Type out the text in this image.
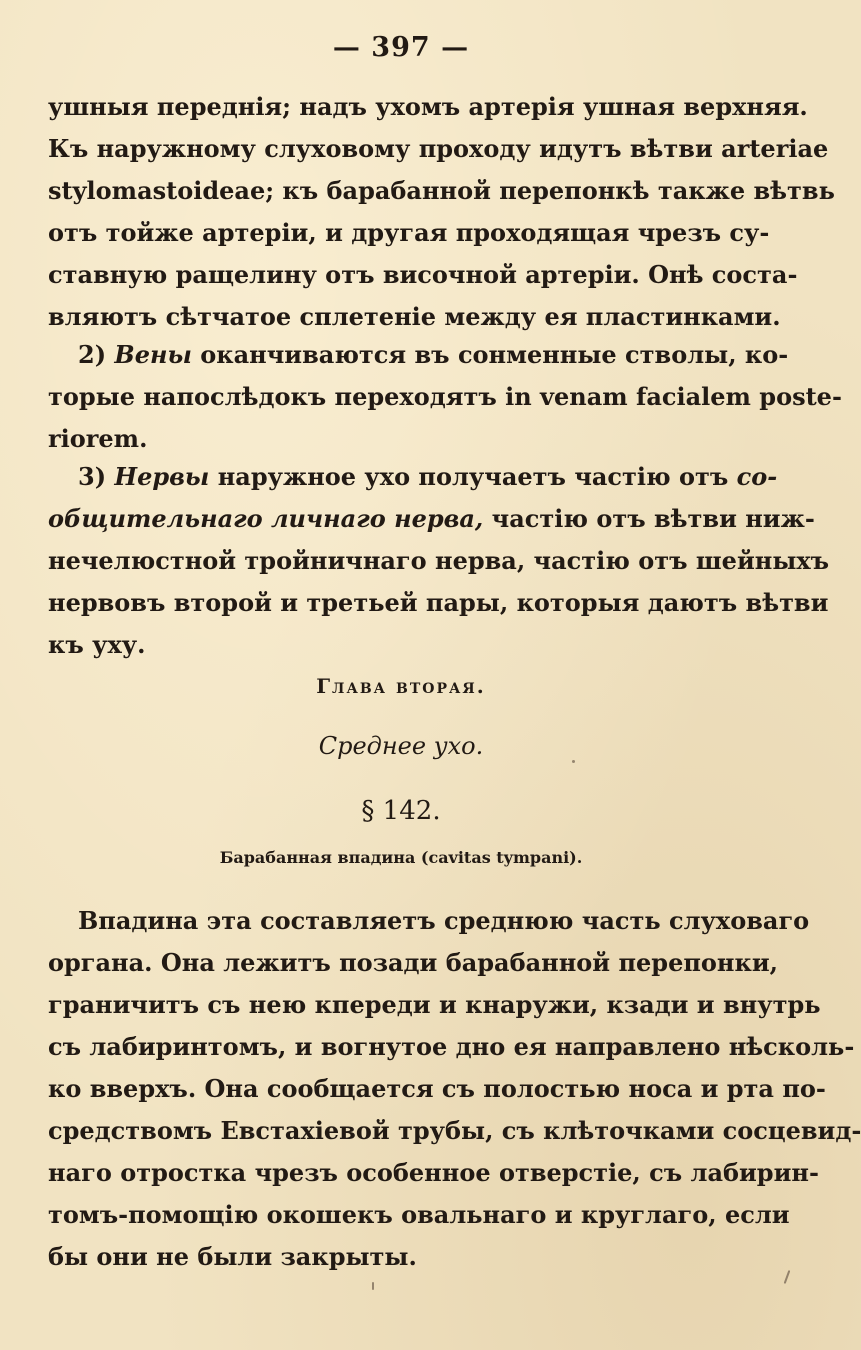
— 397 —
ушныя переднія; надъ ухомъ артерія ушная верхняя.
Къ наружному слуховому проходу идутъ вѣтви arteriae
stylomastoideae; къ барабанной перепонкѣ также вѣтвь
отъ тойже артеріи, и другая проходящая чрезъ су-
ставную ращелину отъ височной артеріи. Онѣ соста-
вляютъ сѣтчатое сплетеніе между ея пластинками.
2) Вены оканчиваются въ сонменные стволы, ко-
торые напослѣдокъ переходятъ in venam facialem poste-
riorem.
3) Нервы наружное ухо получаетъ частію отъ со-
общительнаго личнаго нерва, частію отъ вѣтви ниж-
нечелюстной тройничнаго нерва, частію отъ шейныхъ
нервовъ второй и третьей пары, которыя даютъ вѣтви
къ уху.
Глава вторая.
Среднее ухо.
§ 142.
Барабанная впадина (cavitas tympani).
Впадина эта составляетъ среднюю часть слуховаго
органа. Она лежитъ позади барабанной перепонки,
граничитъ съ нею кпереди и кнаружи, кзади и внутрь
съ лабиринтомъ, и вогнутое дно ея направлено нѣсколь-
ко вверхъ. Она сообщается съ полостью носа и рта по-
средствомъ Евстахіевой трубы, съ клѣточками сосцевид-
наго отростка чрезъ особенное отверстіе, съ лабирин-
томъ-помощію окошекъ овальнаго и круглаго, если
бы они не были закрыты.
